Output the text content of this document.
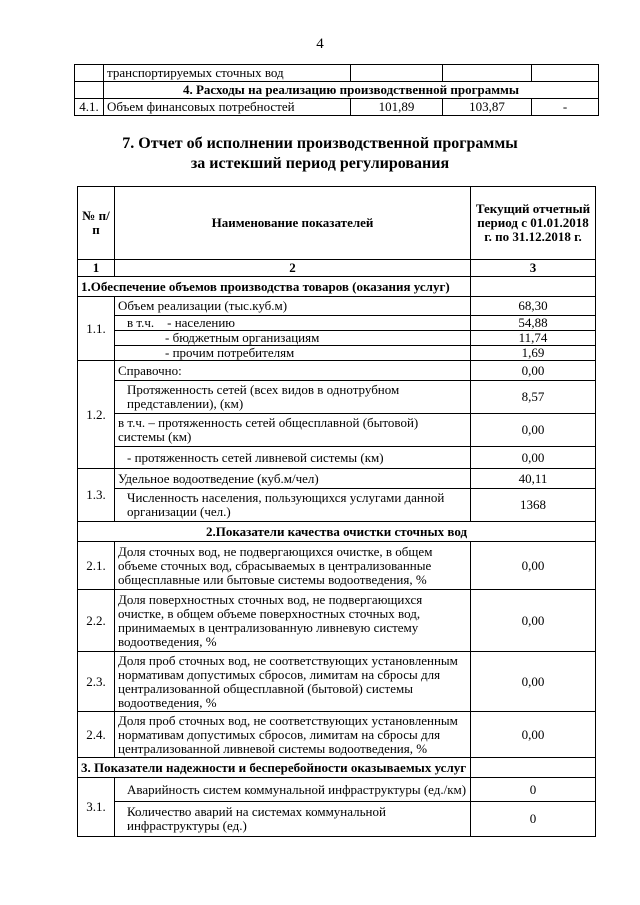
4
	транспортируемых сточных вод			
	4. Расходы на реализацию производственной программы			
4.1.	Объем финансовых потребностей	101,89	103,87	-
7. Отчет об исполнении производственной программы
за истекший период регулирования
№ п/п	Наименование показателей	Текущий отчетный период с 01.01.2018 г. по 31.12.2018 г.
1	2	3
1.Обеспечение объемов производства товаров (оказания услуг)		
1.1.	Объем реализации (тыс.куб.м)	68,30
	в т.ч.    - населению	54,88
	- бюджетным организациям	11,74
	- прочим потребителям	1,69
1.2.	Справочно:	0,00
	Протяженность сетей (всех видов в однотрубном представлении), (км)	8,57
	в т.ч. – протяженность сетей общесплавной (бытовой) системы (км)	0,00
	- протяженность сетей ливневой системы (км)	0,00
1.3.	Удельное водоотведение (куб.м/чел)	40,11
	Численность населения, пользующихся услугами данной организации (чел.)	1368
2.Показатели качества очистки сточных вод		
2.1.	Доля сточных вод, не подвергающихся очистке, в общем объеме сточных вод, сбрасываемых в централизованные общесплавные или бытовые системы водоотведения, %	0,00
2.2.	Доля поверхностных сточных вод, не подвергающихся очистке, в общем объеме поверхностных сточных вод, принимаемых в централизованную ливневую систему водоотведения, %	0,00
2.3.	Доля проб сточных вод, не соответствующих установленным нормативам допустимых сбросов, лимитам на сбросы для централизованной общесплавной (бытовой) системы водоотведения, %	0,00
2.4.	Доля проб сточных вод, не соответствующих установленным нормативам допустимых сбросов, лимитам на сбросы для централизованной ливневой системы водоотведения, %	0,00
3. Показатели надежности и бесперебойности оказываемых услуг		
3.1.	Аварийность систем коммунальной инфраструктуры (ед./км)	0
	Количество аварий на системах коммунальной инфраструктуры (ед.)	0
